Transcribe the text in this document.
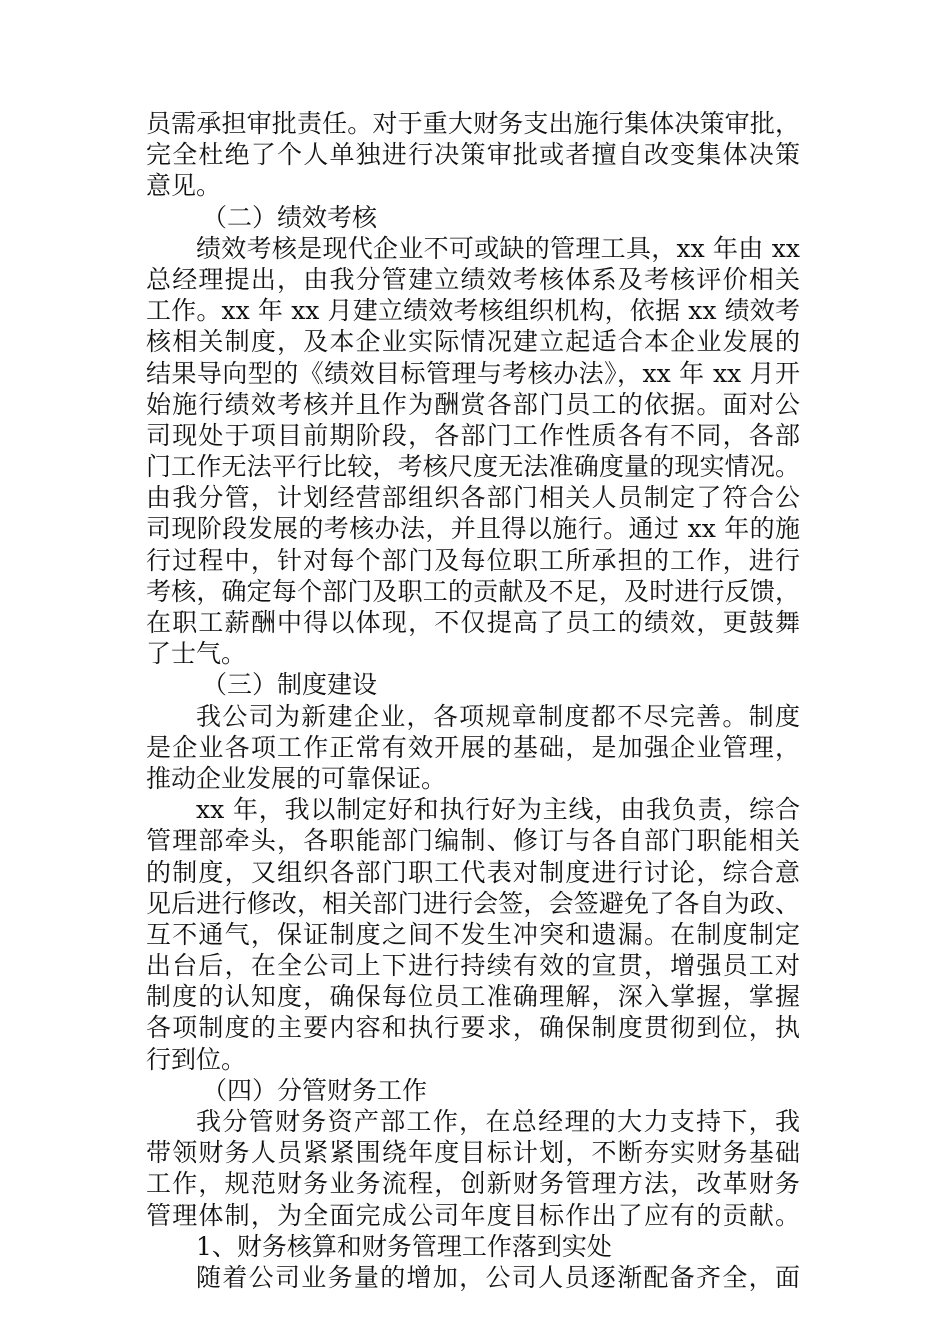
员需承担审批责任。对于重大财务支出施行集体决策审批，
完全杜绝了个人单独进行决策审批或者擅自改变集体决策
意见。
（二）绩效考核
绩效考核是现代企业不可或缺的管理工具，xx 年由 xx
总经理提出，由我分管建立绩效考核体系及考核评价相关
工作。xx 年 xx 月建立绩效考核组织机构，依据 xx 绩效考
核相关制度，及本企业实际情况建立起适合本企业发展的
结果导向型的《绩效目标管理与考核办法》，xx 年 xx 月开
始施行绩效考核并且作为酬赏各部门员工的依据。面对公
司现处于项目前期阶段，各部门工作性质各有不同，各部
门工作无法平行比较，考核尺度无法准确度量的现实情况。
由我分管，计划经营部组织各部门相关人员制定了符合公
司现阶段发展的考核办法，并且得以施行。通过 xx 年的施
行过程中，针对每个部门及每位职工所承担的工作，进行
考核，确定每个部门及职工的贡献及不足，及时进行反馈，
在职工薪酬中得以体现，不仅提高了员工的绩效，更鼓舞
了士气。
（三）制度建设
我公司为新建企业，各项规章制度都不尽完善。制度
是企业各项工作正常有效开展的基础，是加强企业管理，
推动企业发展的可靠保证。
xx 年，我以制定好和执行好为主线，由我负责，综合
管理部牵头，各职能部门编制、修订与各自部门职能相关
的制度，又组织各部门职工代表对制度进行讨论，综合意
见后进行修改，相关部门进行会签，会签避免了各自为政、
互不通气，保证制度之间不发生冲突和遗漏。在制度制定
出台后，在全公司上下进行持续有效的宣贯，增强员工对
制度的认知度，确保每位员工准确理解，深入掌握，掌握
各项制度的主要内容和执行要求，确保制度贯彻到位，执
行到位。
（四）分管财务工作
我分管财务资产部工作，在总经理的大力支持下，我
带领财务人员紧紧围绕年度目标计划，不断夯实财务基础
工作，规范财务业务流程，创新财务管理方法，改革财务
管理体制，为全面完成公司年度目标作出了应有的贡献。
1、财务核算和财务管理工作落到实处
随着公司业务量的增加，公司人员逐渐配备齐全，面
